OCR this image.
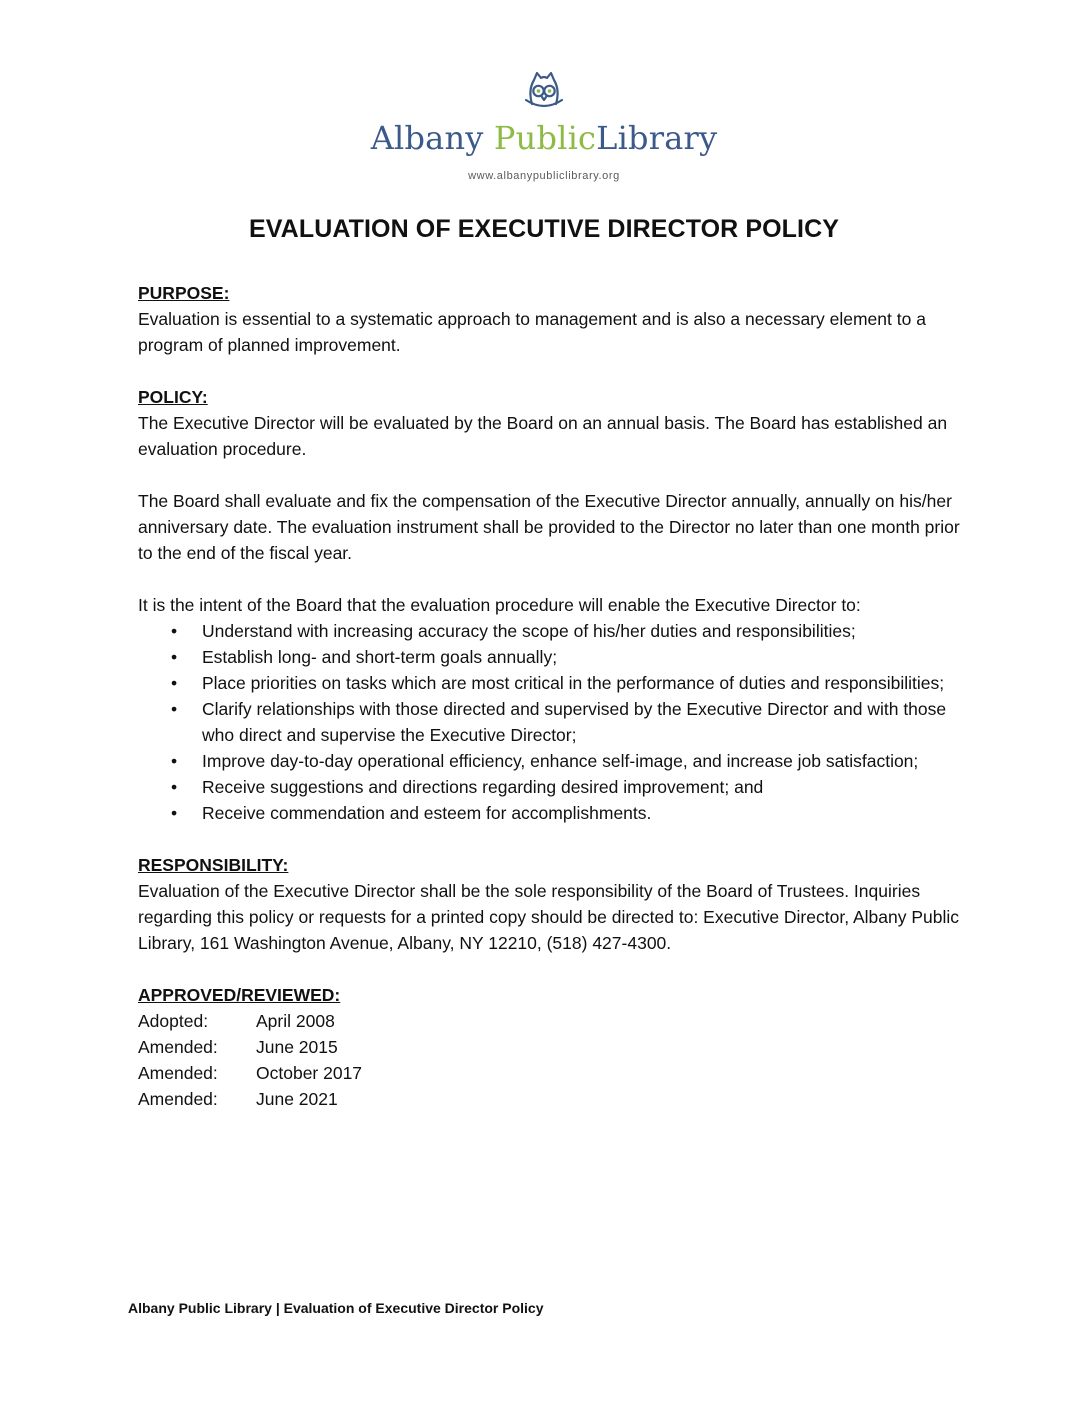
Albany PublicLibrary
www.albanypubliclibrary.org
EVALUATION OF EXECUTIVE DIRECTOR POLICY

PURPOSE:

Evaluation is essential to a systematic approach to management and is also a necessary element to a program of planned improvement.

POLICY:

The Executive Director will be evaluated by the Board on an annual basis. The Board has established an evaluation procedure.

The Board shall evaluate and fix the compensation of the Executive Director annually, annually on his/her anniversary date. The evaluation instrument shall be provided to the Director no later than one month prior to the end of the fiscal year.

It is the intent of the Board that the evaluation procedure will enable the Executive Director to:

• Understand with increasing accuracy the scope of his/her duties and responsibilities;
• Establish long- and short-term goals annually;
• Place priorities on tasks which are most critical in the performance of duties and responsibilities;
• Clarify relationships with those directed and supervised by the Executive Director and with those who direct and supervise the Executive Director;
• Improve day-to-day operational efficiency, enhance self-image, and increase job satisfaction;
• Receive suggestions and directions regarding desired improvement; and
• Receive commendation and esteem for accomplishments.

RESPONSIBILITY:

Evaluation of the Executive Director shall be the sole responsibility of the Board of Trustees. Inquiries regarding this policy or requests for a printed copy should be directed to: Executive Director, Albany Public Library, 161 Washington Avenue, Albany, NY 12210, (518) 427-4300.

APPROVED/REVIEWED:

Adopted:	April 2008
Amended:	June 2015
Amended:	October 2017
Amended:	June 2021
Albany Public Library | Evaluation of Executive Director Policy
